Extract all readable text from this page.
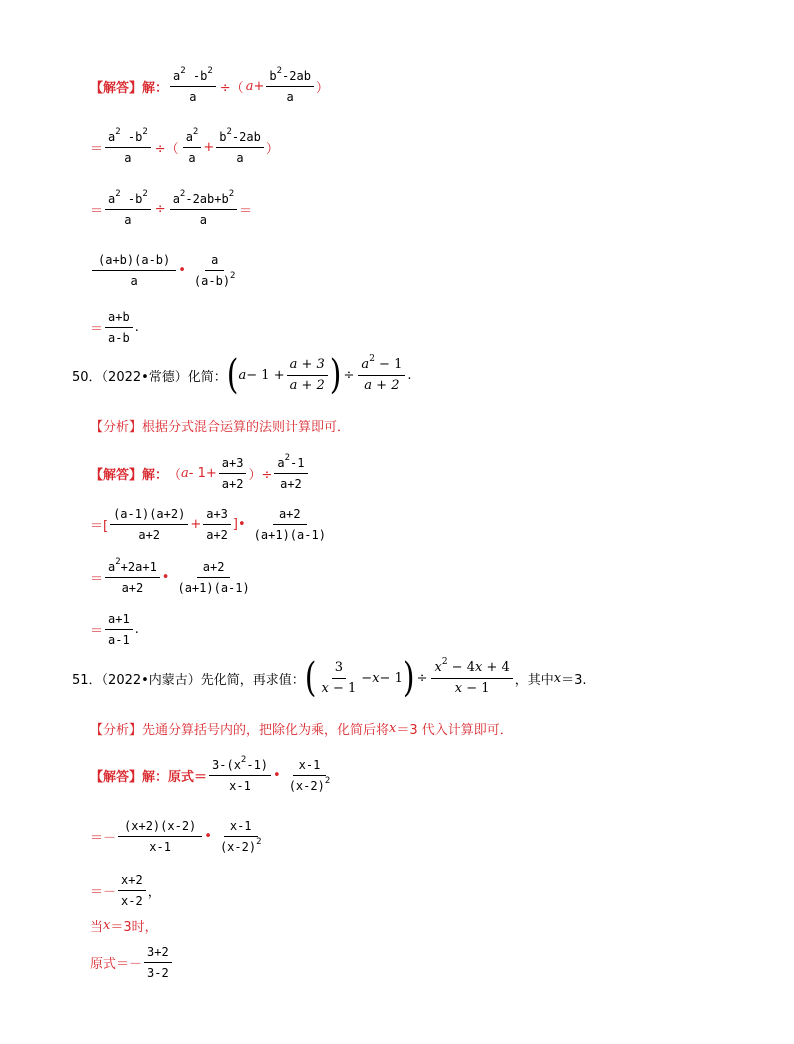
【解答】解： $\frac{a^2 -b^2}{a}$ ÷（ $a + \frac{b^2-2ab}{a}$ ）
＝ $\frac{a^2 -b^2}{a}$ ÷（ $\frac{a^2}{a} + \frac{b^2-2ab}{a}$ ）
＝ $\frac{a^2 -b^2}{a} \div \frac{a^2-2ab+b^2}{a}$ ＝
$\frac{(a+b)(a-b)}{a}$ • $\frac{a}{(a-b)^2}$
＝ $\frac{a+b}{a-b}$ .
50．（2022•常德）化简： ( $a - 1 + \frac{a + 3}{a + 2}$ ) ÷ $\frac{a^2 - 1}{a + 2}$ .
【分析】根据分式混合运算的法则计算即可．
【解答】解： （ $a - 1+ \frac{a+3}{a+2}$ ）÷ $\frac{a^2-1}{a+2}$
＝[ $\frac{(a-1)(a+2)}{a+2} + \frac{a+3}{a+2}$ ]• $\frac{a+2}{(a+1)(a-1)}$
＝ $\frac{a^2+2a+1}{a+2}$ • $\frac{a+2}{(a+1)(a-1)}$
＝ $\frac{a+1}{a-1}$ .
51．（2022•内蒙古）先化简，再求值： ( $\frac{3}{x - 1} - x - 1$ ) ÷ $\frac{x^2 - 4x + 4}{x - 1}$ ，其中 x ＝3.
【分析】先通分算括号内的，把除化为乘，化简后将 x ＝3 代入计算即可．
【解答】解：原式＝ $\frac{3-(x^2-1)}{x-1}$ • $\frac{x-1}{(x-2)^2}$
＝－ $\frac{(x+2)(x-2)}{x-1}$ • $\frac{x-1}{(x-2)^2}$
＝－ $\frac{x+2}{x-2}$ ，
当 x ＝3时，
原式＝－ $\frac{3+2}{3-2}$
